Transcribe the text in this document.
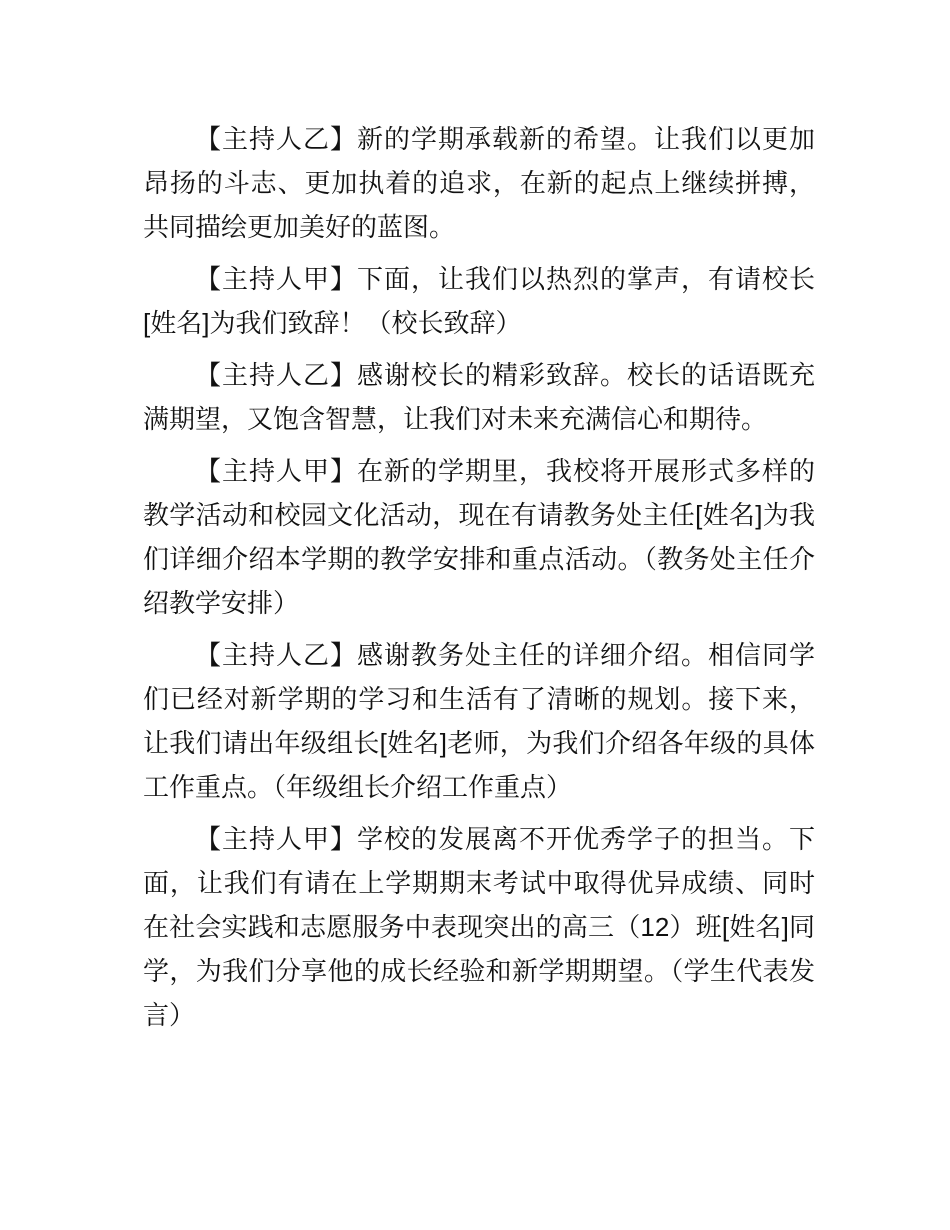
【主持人乙】新的学期承载新的希望。让我们以更加昂扬的斗志、更加执着的追求，在新的起点上继续拼搏，共同描绘更加美好的蓝图。

【主持人甲】下面，让我们以热烈的掌声，有请校长[姓名]为我们致辞！（校长致辞）

【主持人乙】感谢校长的精彩致辞。校长的话语既充满期望，又饱含智慧，让我们对未来充满信心和期待。

【主持人甲】在新的学期里，我校将开展形式多样的教学活动和校园文化活动，现在有请教务处主任[姓名]为我们详细介绍本学期的教学安排和重点活动。（教务处主任介绍教学安排）

【主持人乙】感谢教务处主任的详细介绍。相信同学们已经对新学期的学习和生活有了清晰的规划。接下来，让我们请出年级组长[姓名]老师，为我们介绍各年级的具体工作重点。（年级组长介绍工作重点）

【主持人甲】学校的发展离不开优秀学子的担当。下面，让我们有请在上学期期末考试中取得优异成绩、同时在社会实践和志愿服务中表现突出的高三（12）班[姓名]同学，为我们分享他的成长经验和新学期期望。（学生代表发言）
